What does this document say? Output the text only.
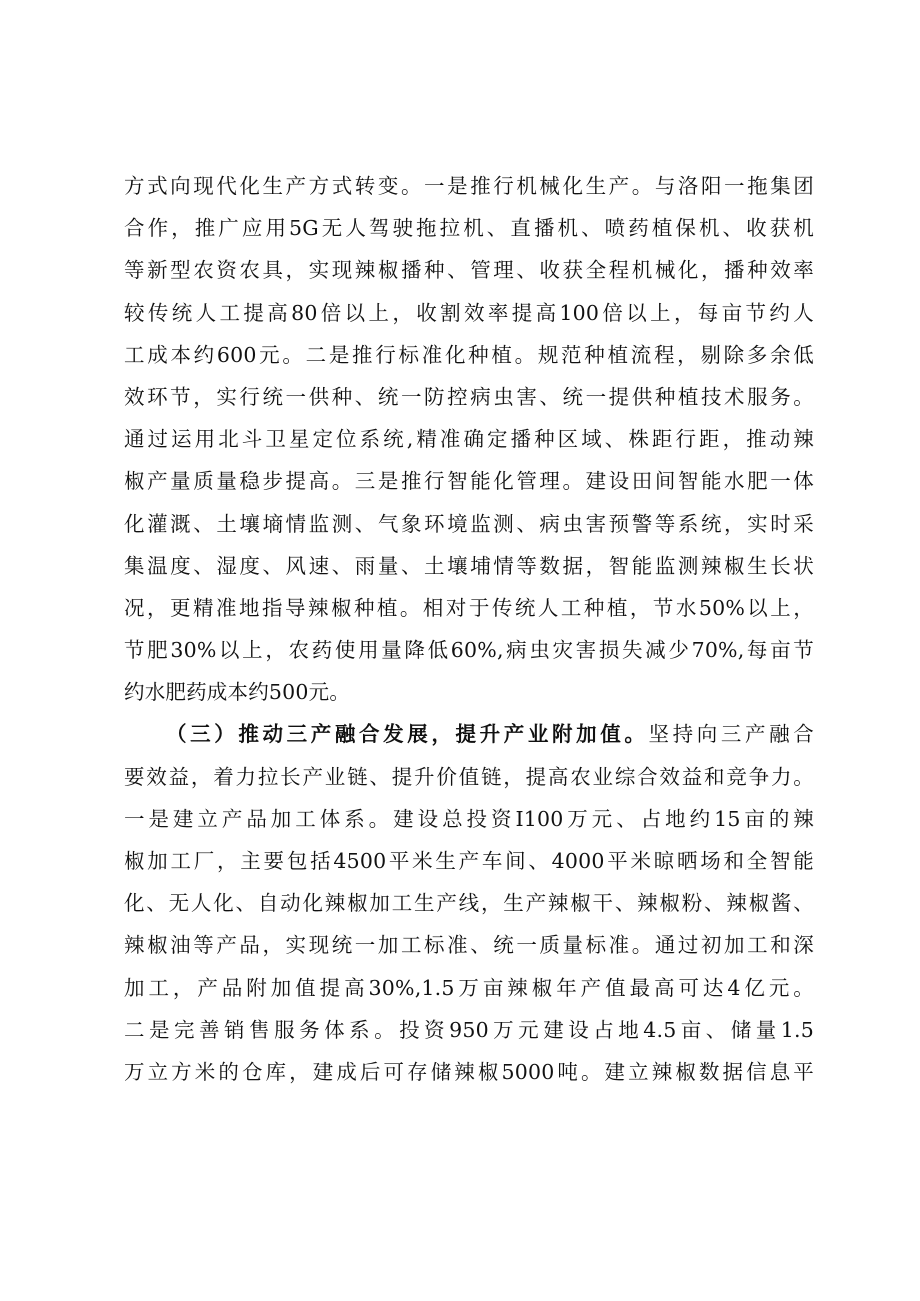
方式向现代化生产方式转变。一是推行机械化生产。与洛阳一拖集团
合作，推广应用5G无人驾驶拖拉机、直播机、喷药植保机、收获机
等新型农资农具，实现辣椒播种、管理、收获全程机械化，播种效率
较传统人工提高80倍以上，收割效率提高100倍以上，每亩节约人
工成本约600元。二是推行标准化种植。规范种植流程，剔除多余低
效环节，实行统一供种、统一防控病虫害、统一提供种植技术服务。
通过运用北斗卫星定位系统,精准确定播种区域、株距行距，推动辣
椒产量质量稳步提高。三是推行智能化管理。建设田间智能水肥一体
化灌溉、土壤墒情监测、气象环境监测、病虫害预警等系统，实时采
集温度、湿度、风速、雨量、土壤埔情等数据，智能监测辣椒生长状
况，更精准地指导辣椒种植。相对于传统人工种植，节水50%以上，
节肥30%以上，农药使用量降低60%,病虫灾害损失减少70%,每亩节
约水肥药成本约500元。
（三）推动三产融合发展，提升产业附加值。坚持向三产融合
要效益，着力拉长产业链、提升价值链，提高农业综合效益和竞争力。
一是建立产品加工体系。建设总投资I100万元、占地约15亩的辣
椒加工厂，主要包括4500平米生产车间、4000平米晾晒场和全智能
化、无人化、自动化辣椒加工生产线，生产辣椒干、辣椒粉、辣椒酱、
辣椒油等产品，实现统一加工标准、统一质量标准。通过初加工和深
加工，产品附加值提高30%,1.5万亩辣椒年产值最高可达4亿元。
二是完善销售服务体系。投资950万元建设占地4.5亩、储量1.5
万立方米的仓库，建成后可存储辣椒5000吨。建立辣椒数据信息平
